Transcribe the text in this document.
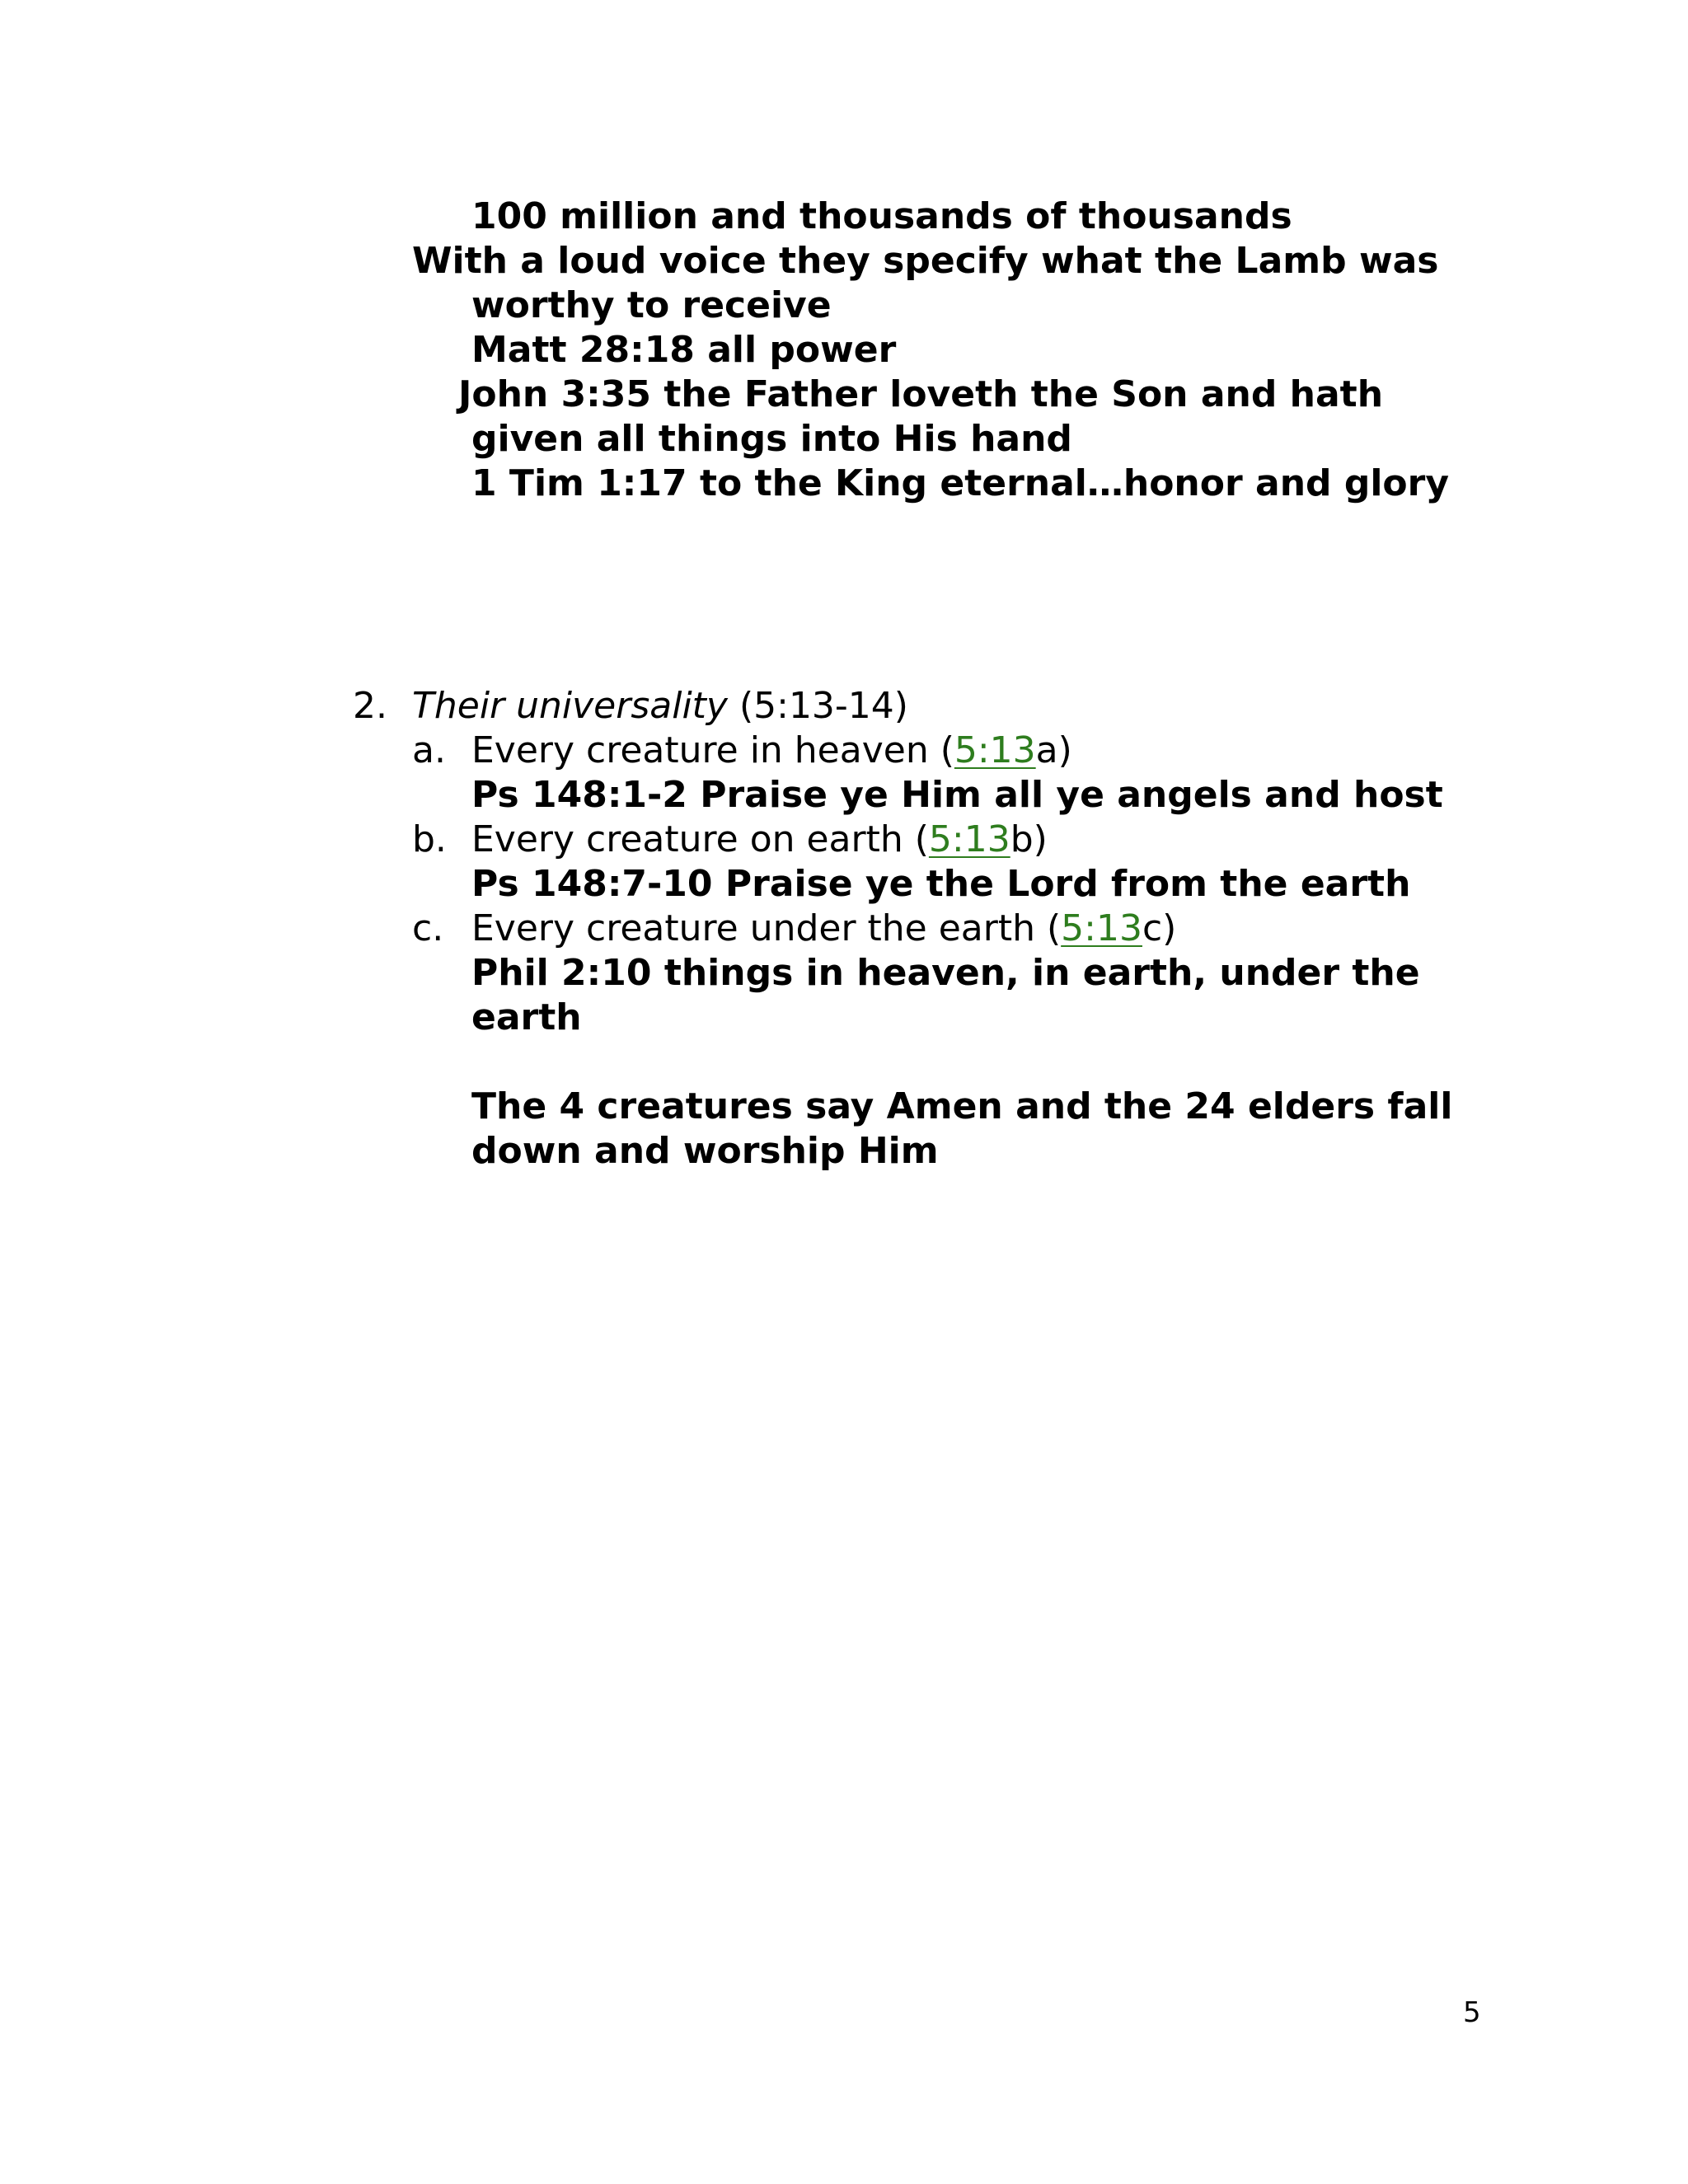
100 million and thousands of thousands
With a loud voice they specify what the Lamb was
worthy to receive
Matt 28:18 all power
John 3:35 the Father loveth the Son and hath
given all things into His hand
1 Tim 1:17 to the King eternal…honor and glory
2. Their universality (5:13-14)
a. Every creature in heaven (5:13a)
Ps 148:1-2 Praise ye Him all ye angels and host
b. Every creature on earth (5:13b)
Ps 148:7-10 Praise ye the Lord from the earth
c. Every creature under the earth (5:13c)
Phil 2:10 things in heaven, in earth, under the
earth
The 4 creatures say Amen and the 24 elders fall
down and worship Him
5
